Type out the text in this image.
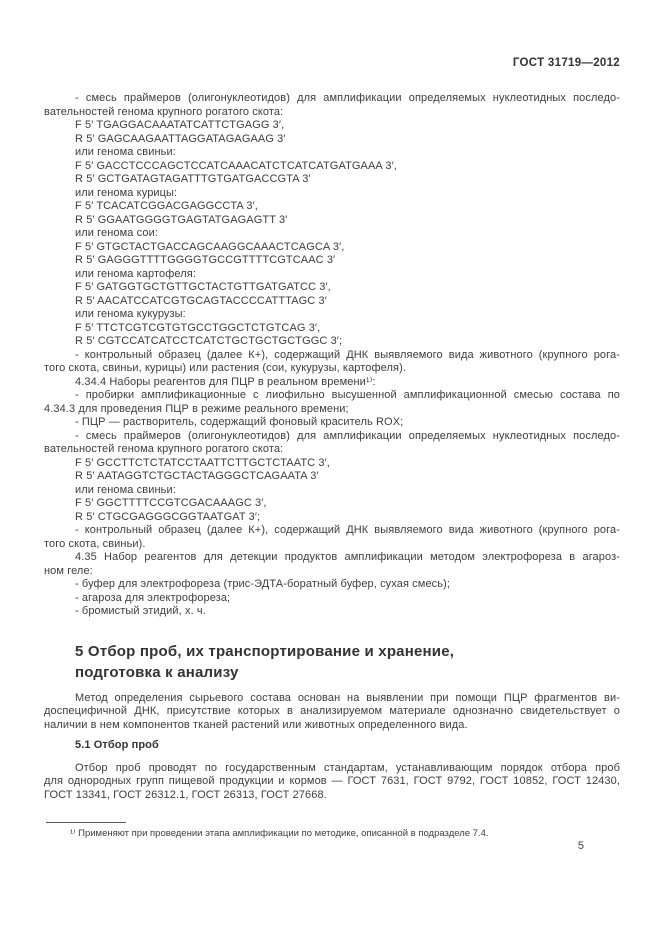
ГОСТ 31719—2012
- смесь праймеров (олигонуклеотидов) для амплификации определяемых нуклеотидных последо-
вательностей генома крупного рогатого скота:
F 5′ TGAGGACAAATATCATTCTGAGG 3′,
R 5′ GAGCAAGAATTAGGATAGAGAAG 3′
или генома свиньи:
F 5′ GACCTCCCAGCTCCATCAAACATCTCATCATGATGAAA 3′,
R 5′ GCTGATAGTAGATTTGTGATGACCGTA 3′
или генома курицы:
F 5′ TCACATCGGACGAGGCCTA 3′,
R 5′ GGAATGGGGTGAGTATGAGAGTT 3′
или генома сои:
F 5′ GTGCTACTGACCAGCAAGGCAAACTCAGCA 3′,
R 5′ GAGGGTTTTGGGGTGCCGTTTTCGTCAAC 3′
или генома картофеля:
F 5′ GATGGTGCTGTTGCTACTGTTGATGATCC 3′,
R 5′ AACATCCATCGTGCAGTACCCCATTTAGC 3′
или генома кукурузы:
F 5′ TTCTCGTCGTGTGCCTGGCTCTGTCAG 3′,
R 5′ CGTCCATCATCCTCATCTGCTGCTGCTGGC 3′;
- контрольный образец (далее К+), содержащий ДНК выявляемого вида животного (крупного рога-
того скота, свиньи, курицы) или растения (сои, кукурузы, картофеля).
4.34.4 Наборы реагентов для ПЦР в реальном времени¹⁾:
- пробирки амплификационные с лиофильно высушенной амплификационной смесью состава по
4.34.3 для проведения ПЦР в режиме реального времени;
- ПЦР — растворитель, содержащий фоновый краситель ROX;
- смесь праймеров (олигонуклеотидов) для амплификации определяемых нуклеотидных последо-
вательностей генома крупного рогатого скота:
F 5′ GCCTTCTCTATCCTAATTCTTGCTCTAATC 3′,
R 5′ AATAGGTCTGCTACTAGGGCTCAGAATA 3′
или генома свиньи:
F 5′ GGCTTTTCCGTCGACAAAGC 3′,
R 5′ CTGCGAGGGCGGTAATGAT 3′;
- контрольный образец (далее К+), содержащий ДНК выявляемого вида животного (крупного рога-
того скота, свиньи).
4.35 Набор реагентов для детекции продуктов амплификации методом электрофореза в агароз-
ном геле:
- буфер для электрофореза (трис-ЭДТА-боратный буфер, сухая смесь);
- агароза для электрофореза;
- бромистый этидий, х. ч.
5 Отбор проб, их транспортирование и хранение,
подготовка к анализу
Метод определения сырьевого состава основан на выявлении при помощи ПЦР фрагментов ви-
доспецифичной ДНК, присутствие которых в анализируемом материале однозначно свидетельствует о
наличии в нем компонентов тканей растений или животных определенного вида.
5.1 Отбор проб
Отбор проб проводят по государственным стандартам, устанавливающим порядок отбора проб
для однородных групп пищевой продукции и кормов — ГОСТ 7631, ГОСТ 9792, ГОСТ 10852, ГОСТ 12430,
ГОСТ 13341, ГОСТ 26312.1, ГОСТ 26313, ГОСТ 27668.
¹⁾ Применяют при проведении этапа амплификации по методике, описанной в подразделе 7.4.
5
